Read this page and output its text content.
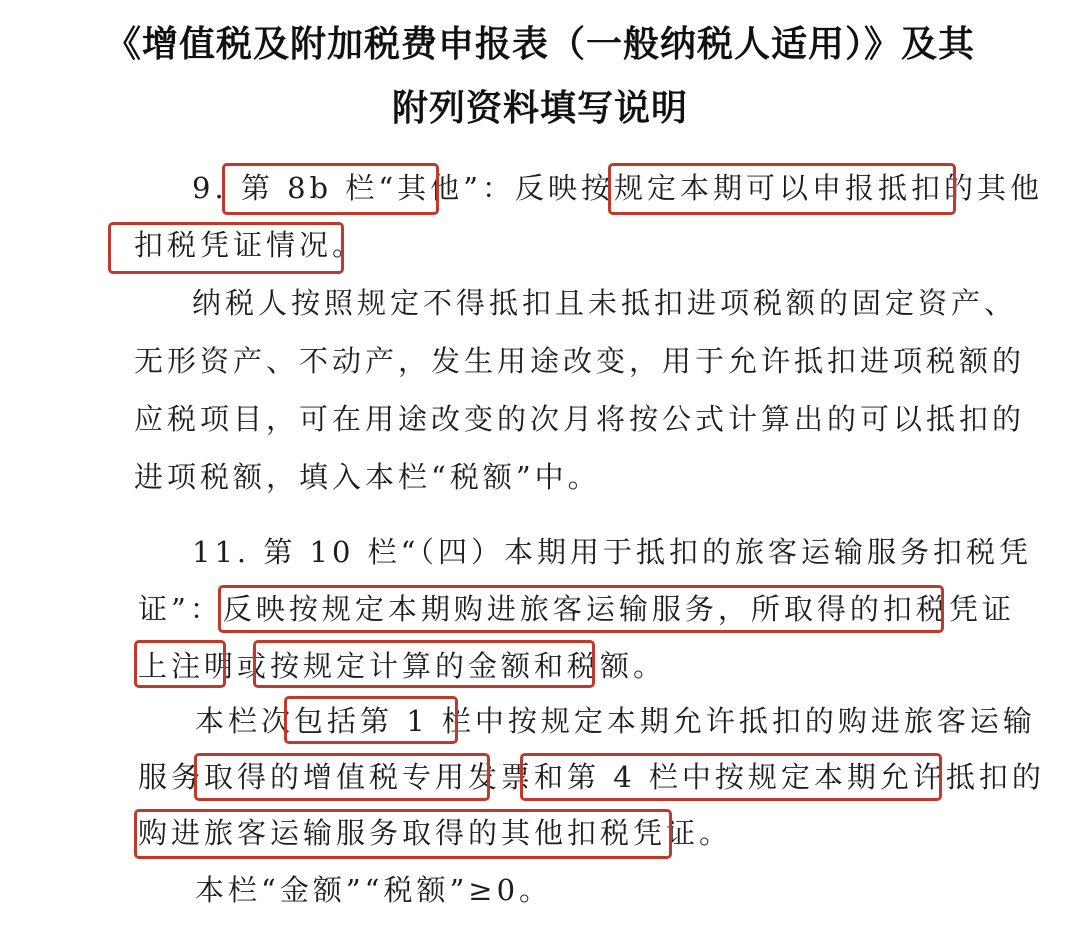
《增值税及附加税费申报表（一般纳税人适用）》及其
附列资料填写说明
9. 第 8b 栏“其他”：反映按规定本期可以申报抵扣的其他
扣税凭证情况。
纳税人按照规定不得抵扣且未抵扣进项税额的固定资产、
无形资产、不动产，发生用途改变，用于允许抵扣进项税额的
应税项目，可在用途改变的次月将按公式计算出的可以抵扣的
进项税额，填入本栏“税额”中。
11. 第 10 栏“（四）本期用于抵扣的旅客运输服务扣税凭
证”：反映按规定本期购进旅客运输服务，所取得的扣税凭证
上注明或按规定计算的金额和税额。
本栏次包括第 1 栏中按规定本期允许抵扣的购进旅客运输
服务取得的增值税专用发票和第 4 栏中按规定本期允许抵扣的
购进旅客运输服务取得的其他扣税凭证。
本栏“金额”“税额”≥0。
